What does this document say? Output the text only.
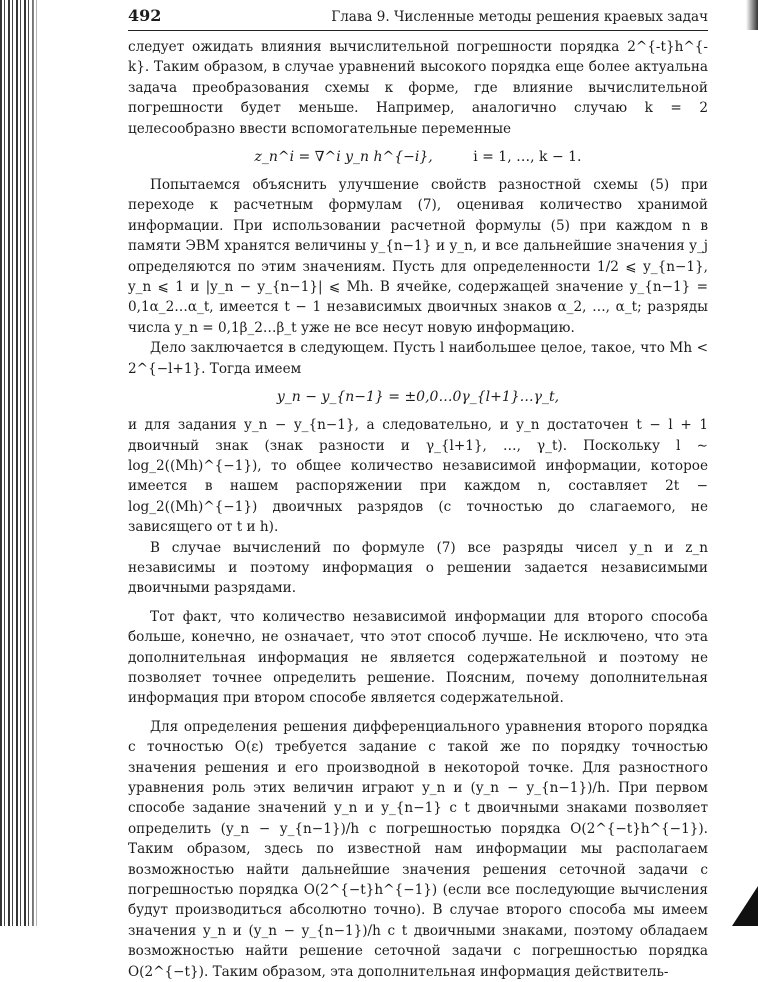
492	Глава 9. Численные методы решения краевых задач

следует ожидать влияния вычислительной погрешности порядка 2^{-t}h^{-k}. Таким образом, в случае уравнений высокого порядка еще более актуальна задача преобразования схемы к форме, где влияние вычислительной погрешности будет меньше. Например, аналогично случаю k = 2 целесообразно ввести вспомогательные переменные

z_n^i = ∇^i y_n h^{−i},	i = 1, …, k − 1.

Попытаемся объяснить улучшение свойств разностной схемы (5) при переходе к расчетным формулам (7), оценивая количество хранимой информации. При использовании расчетной формулы (5) при каждом n в памяти ЭВМ хранятся величины y_{n−1} и y_n, и все дальнейшие значения y_j определяются по этим значениям. Пусть для определенности 1/2 ⩽ y_{n−1}, y_n ⩽ 1 и |y_n − y_{n−1}| ⩽ Mh. В ячейке, содержащей значение y_{n−1} = 0,1α_2…α_t, имеется t − 1 независимых двоичных знаков α_2, …, α_t; разряды числа y_n = 0,1β_2…β_t уже не все несут новую информацию.

Дело заключается в следующем. Пусть l наибольшее целое, такое, что Mh < 2^{−l+1}. Тогда имеем

y_n − y_{n−1} = ±0,0…0γ_{l+1}…γ_t,

и для задания y_n − y_{n−1}, а следовательно, и y_n достаточен t − l + 1 двоичный знак (знак разности и γ_{l+1}, …, γ_t). Поскольку l ∼ log_2((Mh)^{−1}), то общее количество независимой информации, которое имеется в нашем распоряжении при каждом n, составляет 2t − log_2((Mh)^{−1}) двоичных разрядов (с точностью до слагаемого, не зависящего от t и h).

В случае вычислений по формуле (7) все разряды чисел y_n и z_n независимы и поэтому информация о решении задается независимыми двоичными разрядами.

Тот факт, что количество независимой информации для второго способа больше, конечно, не означает, что этот способ лучше. Не исключено, что эта дополнительная информация не является содержательной и поэтому не позволяет точнее определить решение. Поясним, почему дополнительная информация при втором способе является содержательной.

Для определения решения дифференциального уравнения второго порядка с точностью O(ε) требуется задание с такой же по порядку точностью значения решения и его производной в некоторой точке. Для разностного уравнения роль этих величин играют y_n и (y_n − y_{n−1})/h. При первом способе задание значений y_n и y_{n−1} с t двоичными знаками позволяет определить (y_n − y_{n−1})/h с погрешностью порядка O(2^{−t}h^{−1}). Таким образом, здесь по известной нам информации мы располагаем возможностью найти дальнейшие значения решения сеточной задачи с погрешностью порядка O(2^{−t}h^{−1}) (если все последующие вычисления будут производиться абсолютно точно). В случае второго способа мы имеем значения y_n и (y_n − y_{n−1})/h с t двоичными знаками, поэтому обладаем возможностью найти решение сеточной задачи с погрешностью порядка O(2^{−t}). Таким образом, эта дополнительная информация действитель-
